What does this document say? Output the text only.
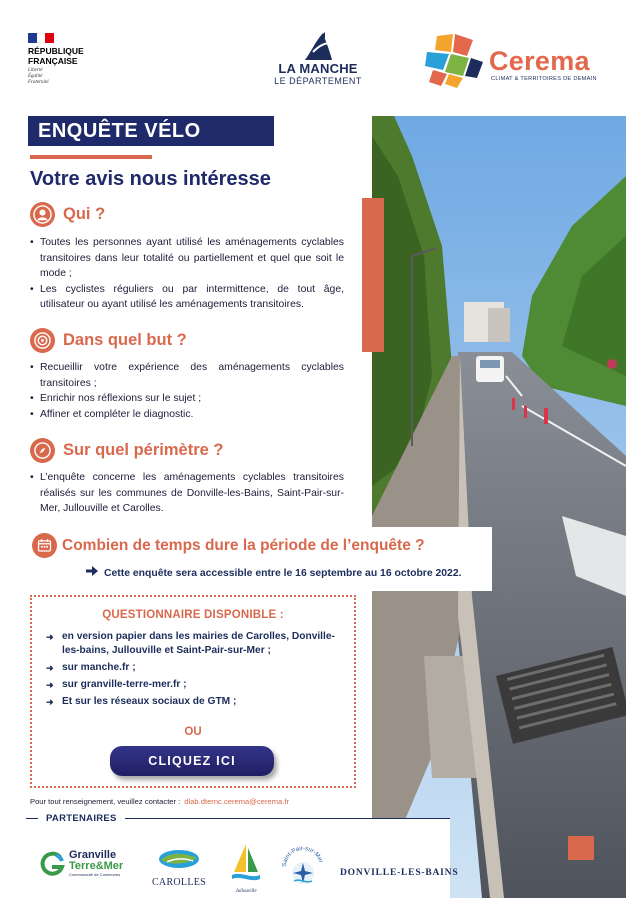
RÉPUBLIQUE
FRANÇAISE
Liberté
Égalité
Fraternité
LA MANCHE
LE DÉPARTEMENT
Cerema
CLIMAT & TERRITOIRES DE DEMAIN
ENQUÊTE VÉLO
Votre avis nous intéresse
Qui ?
• Toutes les personnes ayant utilisé les aménagements cyclables transitoires dans leur totalité ou partiellement et quel que soit le mode ;
• Les cyclistes réguliers ou par intermittence, de tout âge, utilisateur ou ayant utilisé les aménagements transitoires.
Dans quel but ?
• Recueillir votre expérience des aménagements cyclables transitoires ;
• Enrichir nos réflexions sur le sujet ;
• Affiner et compléter le diagnostic.
Sur quel périmètre ?
• L’enquête concerne les aménagements cyclables transitoires réalisés sur les communes de Donville-les-Bains, Saint-Pair-sur-Mer, Jullouville et Carolles.
Combien de temps dure la période de l’enquête ?
Cette enquête sera accessible entre le 16 septembre au 16 octobre 2022.
QUESTIONNAIRE DISPONIBLE :
➜ en version papier dans les mairies de Carolles, Donville-les-bains, Jullouville et Saint-Pair-sur-Mer ;
➜ sur manche.fr ;
➜ sur granville-terre-mer.fr ;
➜ Et sur les réseaux sociaux de GTM ;
OU
CLIQUEZ ICI
Pour tout renseignement, veuillez contacter : dlab.dternc.cerema@cerema.fr
PARTENAIRES
Granville
Terre&Mer
Communauté de Communes
CAROLLES
Jullouville
Saint-Pair-sur-Mer
DONVILLE-LES-BAINS
